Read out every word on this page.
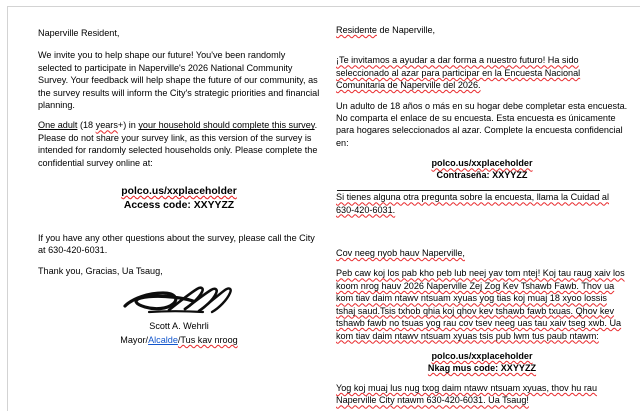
Naperville Resident,

We invite you to help shape our future! You've been randomly selected to participate in Naperville's 2026 National Community Survey. Your feedback will help shape the future of our community, as the survey results will inform the City's strategic priorities and financial planning.

One adult (18 years+) in your household should complete this survey. Please do not share your survey link, as this version of the survey is intended for randomly selected households only. Please complete the confidential survey online at:

polco.us/xxplaceholder

Access code: XXYYZZ

If you have any other questions about the survey, please call the City at 630-420-6031.

Thank you, Gracias, Ua Tsaug,

Scott A. Wehrli

Mayor/Alcalde/Tus kav nroog

Residente de Naperville,

¡Te invitamos a ayudar a dar forma a nuestro futuro! Ha sido seleccionado al azar para participar en la Encuesta Nacional Comunitaria de Naperville del 2026.

Un adulto de 18 años o más en su hogar debe completar esta encuesta. No comparta el enlace de su encuesta. Esta encuesta es únicamente para hogares seleccionados al azar. Complete la encuesta confidencial en:

polco.us/xxplaceholder

Contraseña: XXYYZZ

Si tienes alguna otra pregunta sobre la encuesta, llama la Cuidad al 630-420-6031.

Cov neeg nyob hauv Naperville,

Peb caw koj los pab kho peb lub neej yav tom ntej! Koj tau raug xaiv los koom nrog hauv 2026 Naperville Zej Zog Kev Tshawb Fawb. Thov ua kom tiav daim ntawv ntsuam xyuas yog tias koj muaj 18 xyoo lossis tshaj saud.Tsis txhob qhia koj qhov kev tshawb fawb txuas. Qhov kev tshawb fawb no tsuas yog rau cov tsev neeg uas tau xaiv tseg xwb. Ua kom tiav daim ntawv ntsuam xyuas tsis pub lwm tus paub ntawm:

polco.us/xxplaceholder

Nkag mus code: XXYYZZ

Yog koj muaj lus nug txog daim ntawv ntsuam xyuas, thov hu rau Naperville City ntawm 630-420-6031. Ua Tsaug!
